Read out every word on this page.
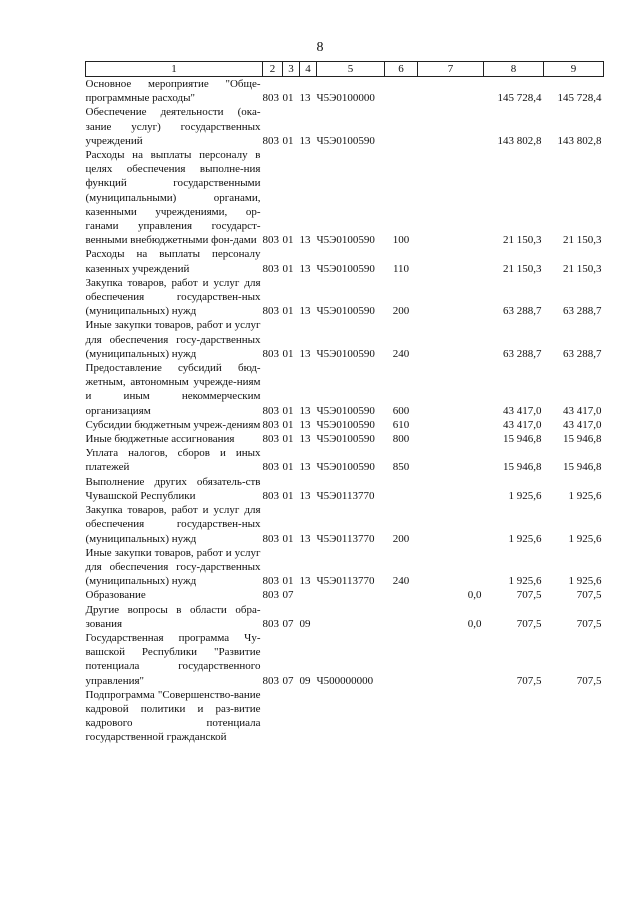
8
1	2	3	4	5	6	7	8	9
Основное мероприятие "Обще-программные расходы"	803	01	13	Ч5Э0100000			145 728,4	145 728,4
Обеспечение деятельности (ока-зание услуг) государственных учреждений	803	01	13	Ч5Э0100590			143 802,8	143 802,8
Расходы на выплаты персоналу в целях обеспечения выполне-ния функций государственными (муниципальными) органами, казенными учреждениями, ор-ганами управления государст-венными внебюджетными фон-дами	803	01	13	Ч5Э0100590	100		21 150,3	21 150,3
Расходы на выплаты персоналу казенных учреждений	803	01	13	Ч5Э0100590	110		21 150,3	21 150,3
Закупка товаров, работ и услуг для обеспечения государствен-ных (муниципальных) нужд	803	01	13	Ч5Э0100590	200		63 288,7	63 288,7
Иные закупки товаров, работ и услуг для обеспечения госу-дарственных (муниципальных) нужд	803	01	13	Ч5Э0100590	240		63 288,7	63 288,7
Предоставление субсидий бюд-жетным, автономным учрежде-ниям и иным некоммерческим организациям	803	01	13	Ч5Э0100590	600		43 417,0	43 417,0
Субсидии бюджетным учреж-дениям	803	01	13	Ч5Э0100590	610		43 417,0	43 417,0
Иные бюджетные ассигнования	803	01	13	Ч5Э0100590	800		15 946,8	15 946,8
Уплата налогов, сборов и иных платежей	803	01	13	Ч5Э0100590	850		15 946,8	15 946,8
Выполнение других обязатель-ств Чувашской Республики	803	01	13	Ч5Э0113770			1 925,6	1 925,6
Закупка товаров, работ и услуг для обеспечения государствен-ных (муниципальных) нужд	803	01	13	Ч5Э0113770	200		1 925,6	1 925,6
Иные закупки товаров, работ и услуг для обеспечения госу-дарственных (муниципальных) нужд	803	01	13	Ч5Э0113770	240		1 925,6	1 925,6
Образование	803	07				0,0	707,5	707,5
Другие вопросы в области обра-зования	803	07	09			0,0	707,5	707,5
Государственная программа Чу-вашской Республики "Развитие потенциала государственного управления"	803	07	09	Ч500000000			707,5	707,5
Подпрограмма "Совершенство-вание кадровой политики и раз-витие кадрового потенциала государственной гражданской								
